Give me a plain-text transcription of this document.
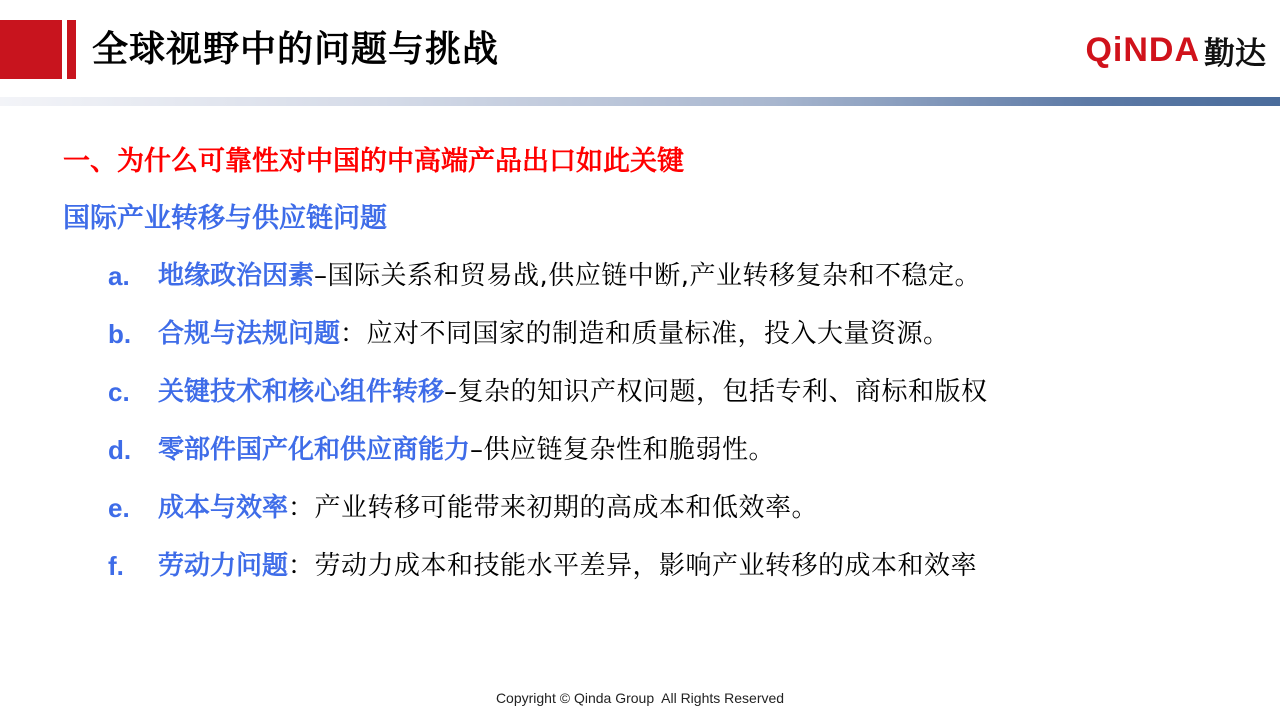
全球视野中的问题与挑战	QiNDA 勤达
一、为什么可靠性对中国的中高端产品出口如此关键
国际产业转移与供应链问题
a.	地缘政治因素 –国际关系和贸易战,供应链中断,产业转移复杂和不稳定。
b.	合规与法规问题 ：应对不同国家的制造和质量标准，投入大量资源。
c.	关键技术和核心组件转移 –复杂的知识产权问题，包括专利、商标和版权
d.	零部件国产化和供应商能力 –供应链复杂性和脆弱性。
e.	成本与效率 ：产业转移可能带来初期的高成本和低效率。
f.	劳动力问题 ：劳动力成本和技能水平差异，影响产业转移的成本和效率
Copyright © Qinda Group  All Rights Reserved
